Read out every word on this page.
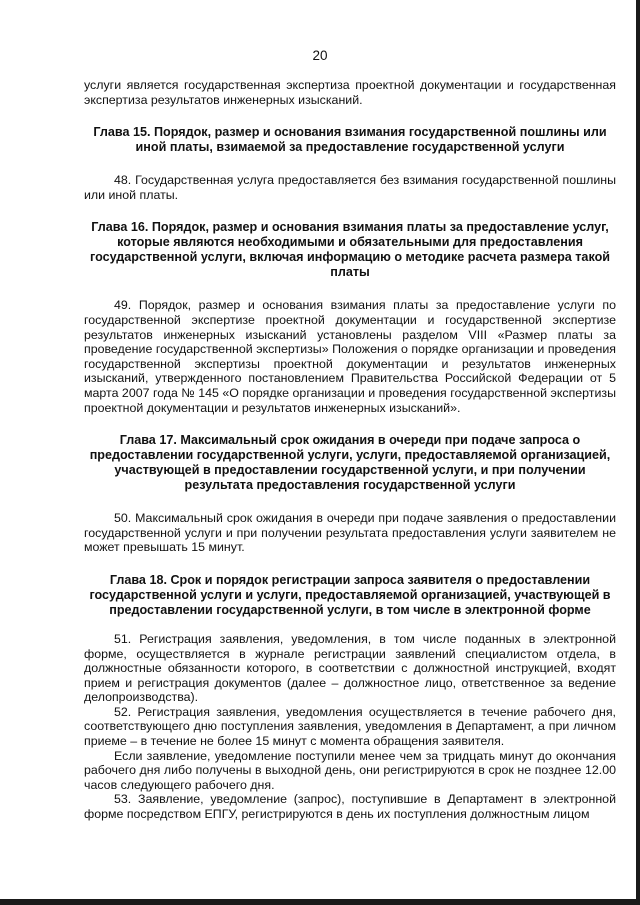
20

услуги является государственная экспертиза проектной документации и государственная экспертиза результатов инженерных изысканий.

Глава 15. Порядок, размер и основания взимания государственной пошлины или иной платы, взимаемой за предоставление государственной услуги

48. Государственная услуга предоставляется без взимания государственной пошлины или иной платы.

Глава 16. Порядок, размер и основания взимания платы за предоставление услуг, которые являются необходимыми и обязательными для предоставления государственной услуги, включая информацию о методике расчета размера такой платы

49. Порядок, размер и основания взимания платы за предоставление услуги по государственной экспертизе проектной документации и государственной экспертизе результатов инженерных изысканий установлены разделом VIII «Размер платы за проведение государственной экспертизы» Положения о порядке организации и проведения государственной экспертизы проектной документации и результатов инженерных изысканий, утвержденного постановлением Правительства Российской Федерации от 5 марта 2007 года № 145 «О порядке организации и проведения государственной экспертизы проектной документации и результатов инженерных изысканий».

Глава 17. Максимальный срок ожидания в очереди при подаче запроса о предоставлении государственной услуги, услуги, предоставляемой организацией, участвующей в предоставлении государственной услуги, и при получении результата предоставления государственной услуги

50. Максимальный срок ожидания в очереди при подаче заявления о предоставлении государственной услуги и при получении результата предоставления услуги заявителем не может превышать 15 минут.

Глава 18. Срок и порядок регистрации запроса заявителя о предоставлении государственной услуги и услуги, предоставляемой организацией, участвующей в предоставлении государственной услуги, в том числе в электронной форме

51. Регистрация заявления, уведомления, в том числе поданных в электронной форме, осуществляется в журнале регистрации заявлений специалистом отдела, в должностные обязанности которого, в соответствии с должностной инструкцией, входят прием и регистрация документов (далее – должностное лицо, ответственное за ведение делопроизводства).

52. Регистрация заявления, уведомления осуществляется в течение рабочего дня, соответствующего дню поступления заявления, уведомления в Департамент, а при личном приеме – в течение не более 15 минут с момента обращения заявителя.

Если заявление, уведомление поступили менее чем за тридцать минут до окончания рабочего дня либо получены в выходной день, они регистрируются в срок не позднее 12.00 часов следующего рабочего дня.

53. Заявление, уведомление (запрос), поступившие в Департамент в электронной форме посредством ЕПГУ, регистрируются в день их поступления должностным лицом
